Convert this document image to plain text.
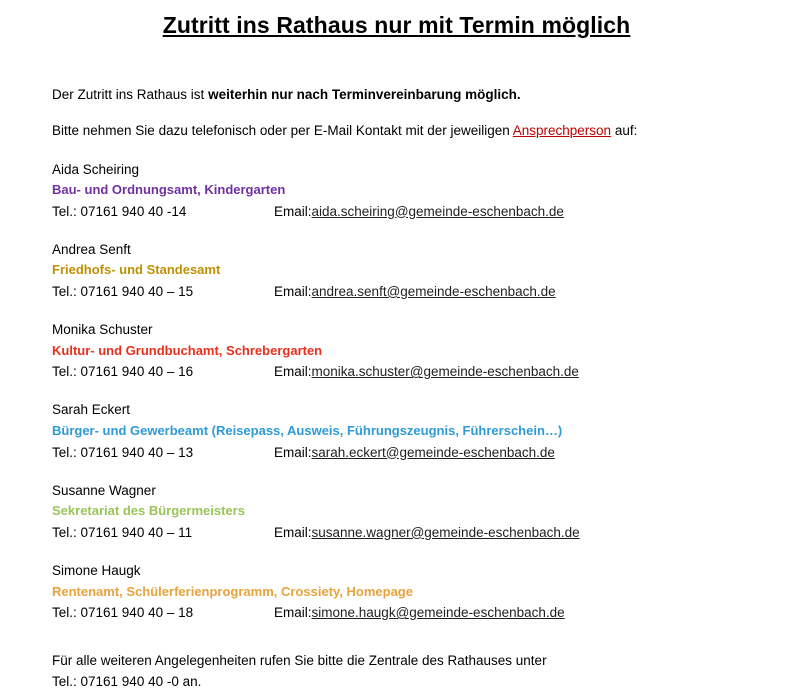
Zutritt ins Rathaus nur mit Termin möglich

Der Zutritt ins Rathaus ist weiterhin nur nach Terminvereinbarung möglich.

Bitte nehmen Sie dazu telefonisch oder per E-Mail Kontakt mit der jeweiligen Ansprechperson auf:

Aida Scheiring
Bau- und Ordnungsamt, Kindergarten
Tel.: 07161 940 40 -14	Email: aida.scheiring@gemeinde-eschenbach.de
Andrea Senft
Friedhofs- und Standesamt
Tel.: 07161 940 40 – 15	Email: andrea.senft@gemeinde-eschenbach.de
Monika Schuster
Kultur- und Grundbuchamt, Schrebergarten
Tel.: 07161 940 40 – 16	Email: monika.schuster@gemeinde-eschenbach.de
Sarah Eckert
Bürger- und Gewerbeamt (Reisepass, Ausweis, Führungszeugnis, Führerschein…)
Tel.: 07161 940 40 – 13	Email: sarah.eckert@gemeinde-eschenbach.de
Susanne Wagner
Sekretariat des Bürgermeisters
Tel.: 07161 940 40 – 11	Email: susanne.wagner@gemeinde-eschenbach.de
Simone Haugk
Rentenamt, Schülerferienprogramm, Crossiety, Homepage
Tel.: 07161 940 40 – 18	Email: simone.haugk@gemeinde-eschenbach.de
Für alle weiteren Angelegenheiten rufen Sie bitte die Zentrale des Rathauses unter
Tel.: 07161 940 40 -0 an.
